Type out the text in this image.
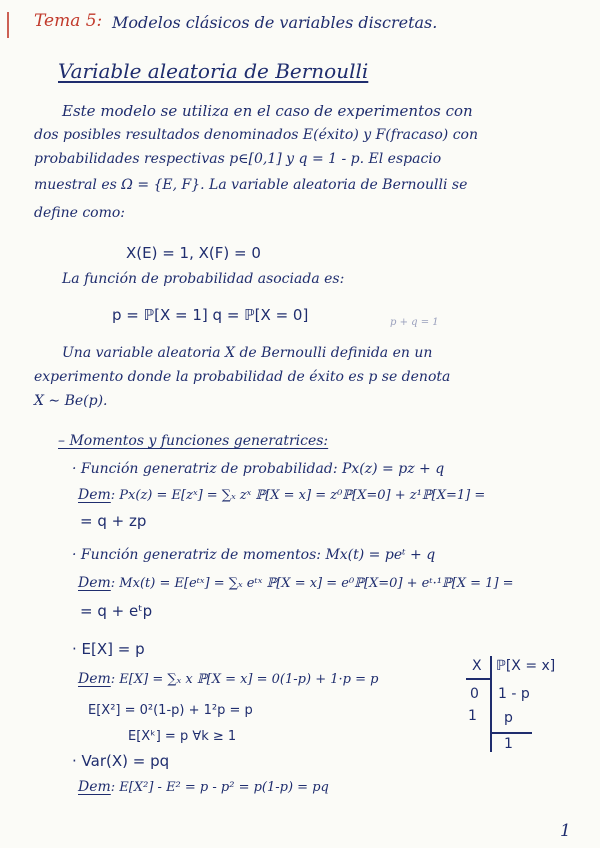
Tema 5: Modelos clásicos de variables discretas.
Variable aleatoria de Bernoulli
Este modelo se utiliza en el caso de experimentos con
dos posibles resultados denominados E(éxito) y F(fracaso) con
probabilidades respectivas p∈[0,1] y q = 1 - p. El espacio
muestral es Ω = {E, F}. La variable aleatoria de Bernoulli se
define como:
X(E) = 1, X(F) = 0
La función de probabilidad asociada es:
p = ℙ[X = 1] q = ℙ[X = 0]	p + q = 1
Una variable aleatoria X de Bernoulli definida en un
experimento donde la probabilidad de éxito es p se denota
X ∼ Be(p).
– Momentos y funciones generatrices:
· Función generatriz de probabilidad: Px(z) = pz + q
Dem: Px(z) = E[zˣ] = ∑ₓ zˣ ℙ[X = x] = z⁰ℙ[X=0] + z¹ℙ[X=1] =
= q + zp
· Función generatriz de momentos: Mx(t) = peᵗ + q
Dem: Mx(t) = E[eᵗˣ] = ∑ₓ eᵗˣ ℙ[X = x] = e⁰ℙ[X=0] + eᵗ·¹ℙ[X = 1] =
= q + eᵗp
· E[X] = p
Dem: E[X] = ∑ₓ x ℙ[X = x] = 0(1-p) + 1·p = p
E[X²] = 0²(1-p) + 1²p = p
E[Xᵏ] = p ∀k ≥ 1
· Var(X) = pq
Dem: E[X²] - E² = p - p² = p(1-p) = pq
X ℙ[X = x]
0 1 - p
1 p
1
1
